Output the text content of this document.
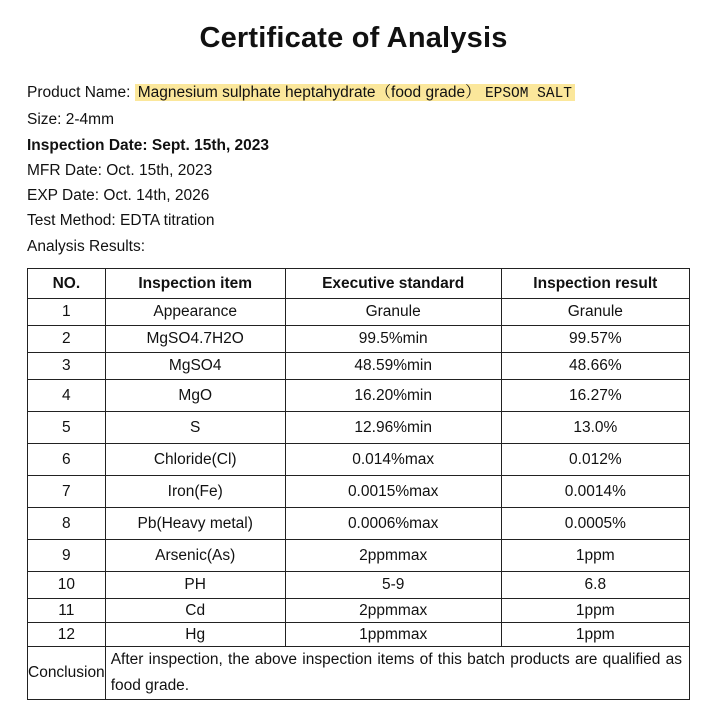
Certificate of Analysis
Product Name: Magnesium sulphate heptahydrate（food grade） EPSOM SALT
Size: 2-4mm
Inspection Date: Sept. 15th, 2023
MFR Date: Oct. 15th, 2023
EXP Date: Oct. 14th, 2026
Test Method: EDTA titration
Analysis Results:
NO.	Inspection item	Executive standard	Inspection result
1	Appearance	Granule	Granule
2	MgSO4.7H2O	99.5%min	99.57%
3	MgSO4	48.59%min	48.66%
4	MgO	16.20%min	16.27%
5	S	12.96%min	13.0%
6	Chloride(Cl)	0.014%max	0.012%
7	Iron(Fe)	0.0015%max	0.0014%
8	Pb(Heavy metal)	0.0006%max	0.0005%
9	Arsenic(As)	2ppmmax	1ppm
10	PH	5-9	6.8
11	Cd	2ppmmax	1ppm
12	Hg	1ppmmax	1ppm
Conclusion	After inspection, the above inspection items of this batch products are qualified as food grade.		
